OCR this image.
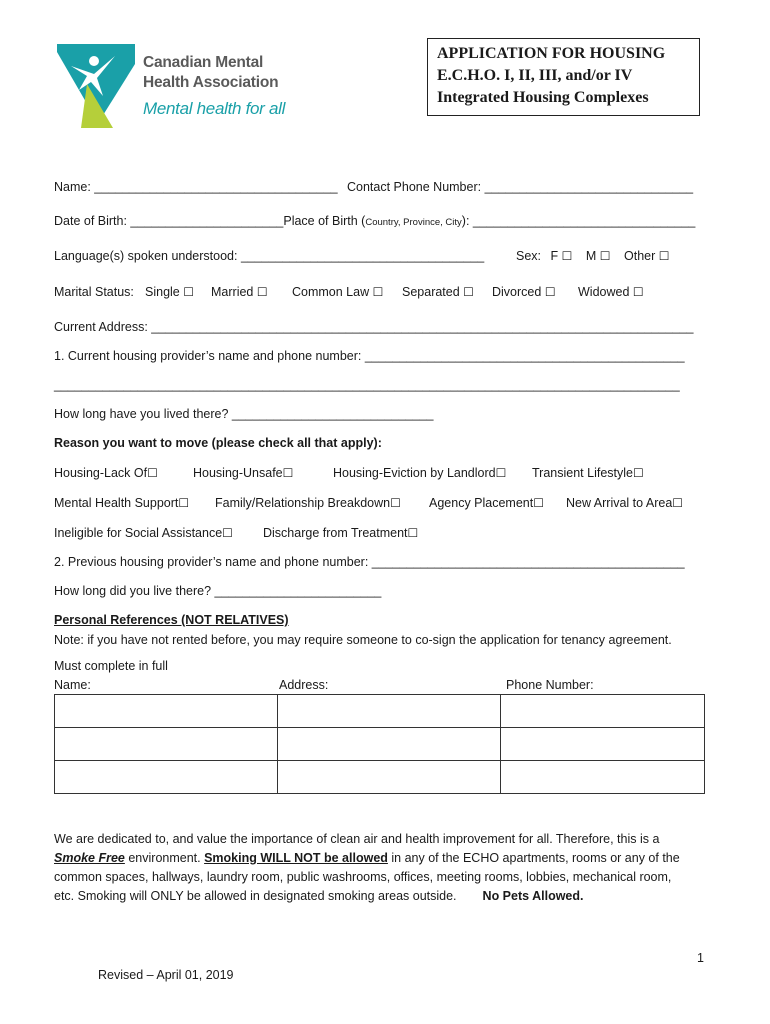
Canadian Mental
Health Association
Mental health for all
APPLICATION FOR HOUSING
E.C.H.O. I, II, III, and/or IV
Integrated Housing Complexes
Name: ___________________________________ Contact Phone Number: ______________________________
Date of Birth: ______________________Place of Birth (Country, Province, City): ________________________________
Language(s) spoken understood: ___________________________________	Sex: F ☐ M ☐ Other ☐
Marital Status: Single ☐ Married ☐ Common Law ☐ Separated ☐ Divorced ☐ Widowed ☐
Current Address: ______________________________________________________________________________
1. Current housing provider’s name and phone number: ______________________________________________
__________________________________________________________________________________________
How long have you lived there? _____________________________
Reason you want to move (please check all that apply):
Housing-Lack Of☐	Housing-Unsafe☐	Housing-Eviction by Landlord☐ Transient Lifestyle☐
Mental Health Support☐ Family/Relationship Breakdown☐ Agency Placement☐ New Arrival to Area☐
Ineligible for Social Assistance☐ Discharge from Treatment☐
2. Previous housing provider’s name and phone number: _____________________________________________
How long did you live there? ________________________
Personal References (NOT RELATIVES)
Note: if you have not rented before, you may require someone to co-sign the application for tenancy agreement.
Must complete in full
Name:	Address:	Phone Number:

We are dedicated to, and value the importance of clean air and health improvement for all. Therefore, this is a

Smoke Free environment. Smoking WILL NOT be allowed in any of the ECHO apartments, rooms or any of the

common spaces, hallways, laundry room, public washrooms, offices, meeting rooms, lobbies, mechanical room,

etc. Smoking will ONLY be allowed in designated smoking areas outside. No Pets Allowed.

1
Revised – April 01, 2019
